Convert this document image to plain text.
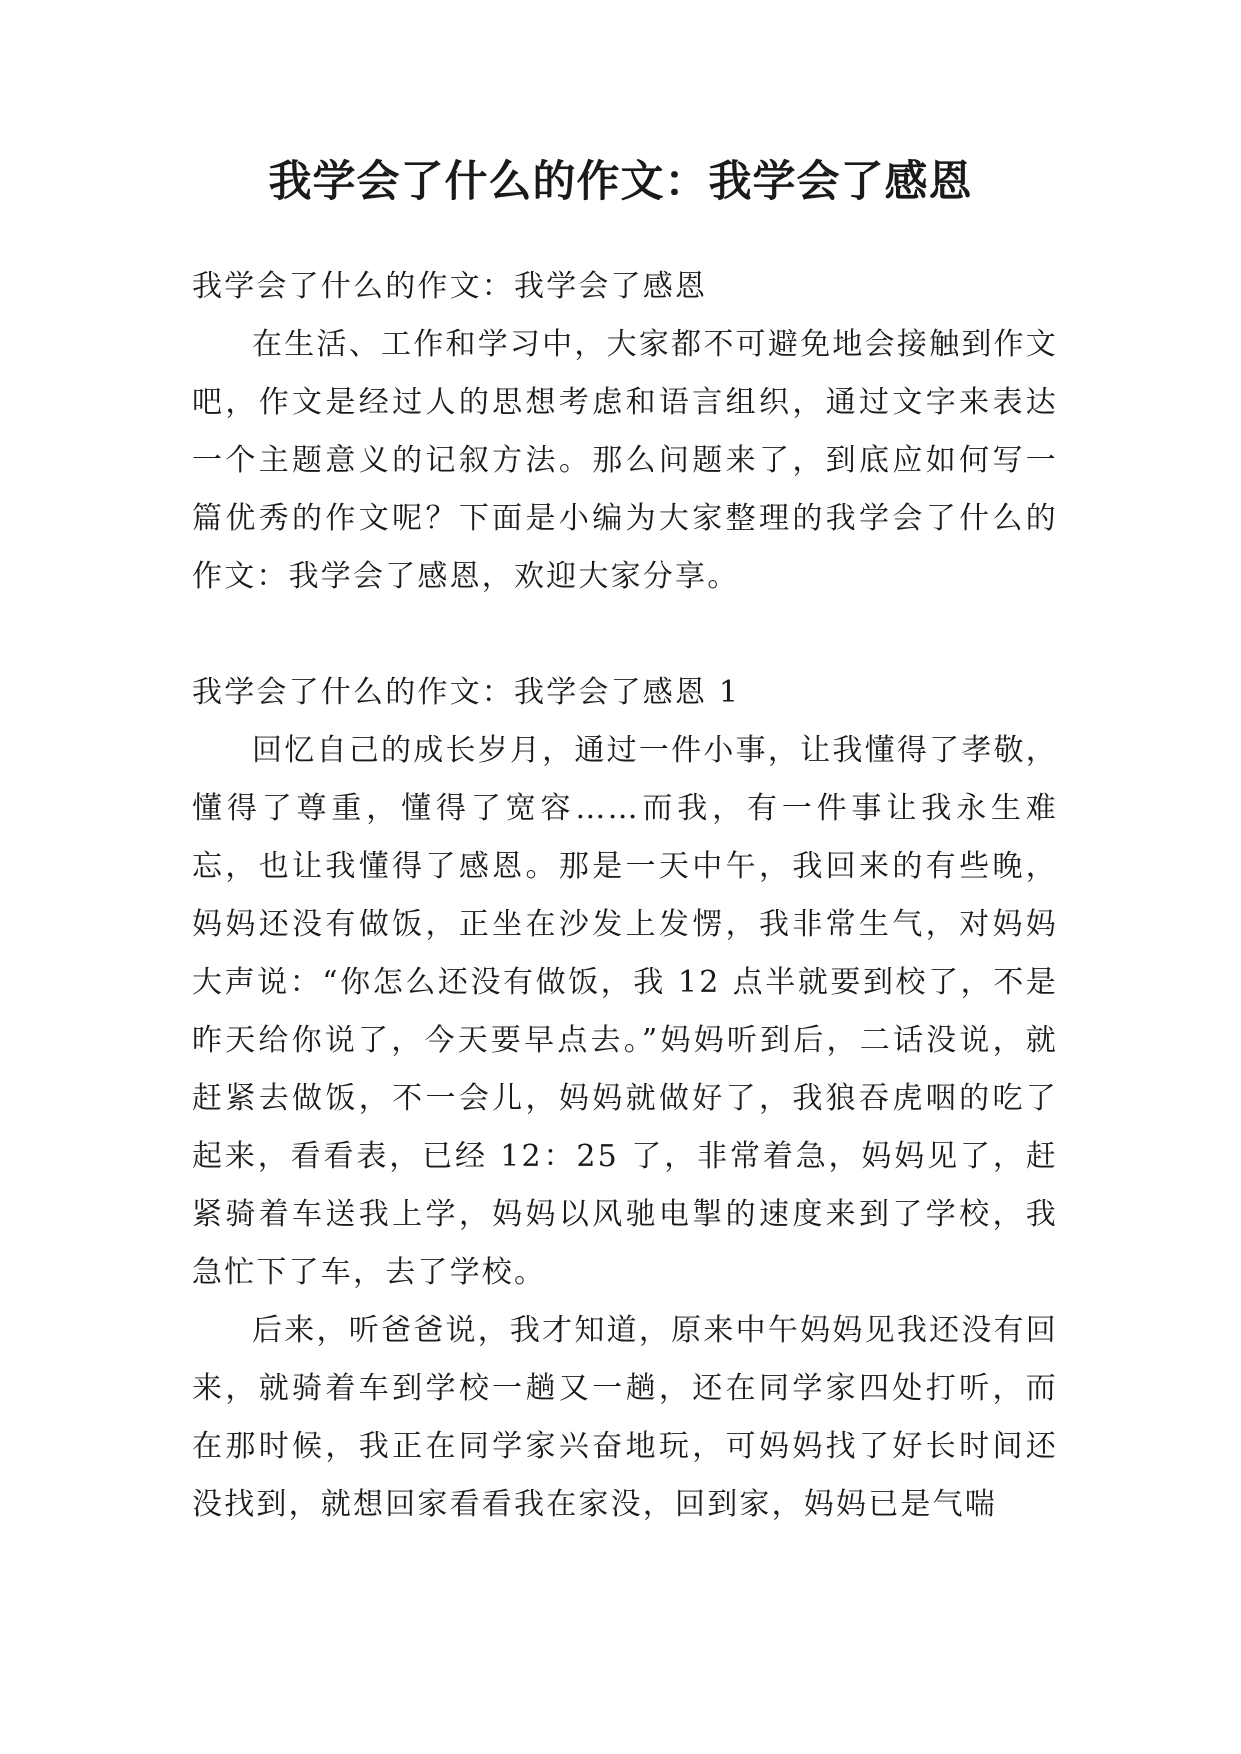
我学会了什么的作文：我学会了感恩

我学会了什么的作文：我学会了感恩

在生活、工作和学习中，大家都不可避免地会接触到作文吧，作文是经过人的思想考虑和语言组织，通过文字来表达一个主题意义的记叙方法。那么问题来了，到底应如何写一篇优秀的作文呢？下面是小编为大家整理的我学会了什么的作文：我学会了感恩，欢迎大家分享。

我学会了什么的作文：我学会了感恩 1

回忆自己的成长岁月，通过一件小事，让我懂得了孝敬，懂得了尊重，懂得了宽容……而我，有一件事让我永生难忘，也让我懂得了感恩。那是一天中午，我回来的有些晚，妈妈还没有做饭，正坐在沙发上发愣，我非常生气，对妈妈大声说：“你怎么还没有做饭，我 12 点半就要到校了，不是昨天给你说了，今天要早点去。”妈妈听到后，二话没说，就赶紧去做饭，不一会儿，妈妈就做好了，我狼吞虎咽的吃了起来，看看表，已经 12：25 了，非常着急，妈妈见了，赶紧骑着车送我上学，妈妈以风驰电掣的速度来到了学校，我急忙下了车，去了学校。

后来，听爸爸说，我才知道，原来中午妈妈见我还没有回来，就骑着车到学校一趟又一趟，还在同学家四处打听，而在那时候，我正在同学家兴奋地玩，可妈妈找了好长时间还没找到，就想回家看看我在家没，回到家，妈妈已是气喘
